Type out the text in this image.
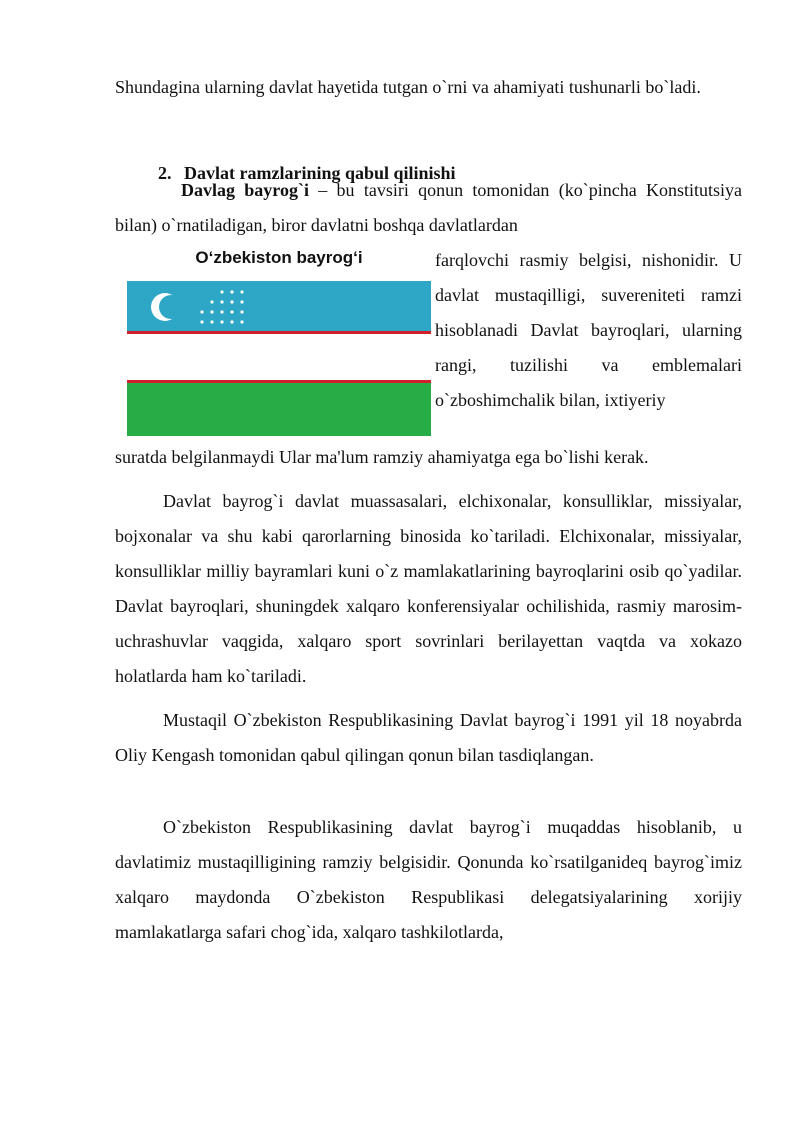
2. Davlat ramzlarining qabul qilinishi

Shundagina ularning davlat hayetida tutgan o`rni va ahamiyati tushunarli bo`ladi.

Davlag bayrog`i – bu tavsiri qonun tomonidan (ko`pincha Konstitutsiya bilan) o`rnatiladigan, biror davlatni boshqa davlatlardan

O‘zbekiston bayrog‘i	farqlovchi rasmiy belgisi, nishonidir. U davlat mustaqilligi, suvereniteti ramzi hisoblanadi Davlat bayroqlari, ularning rangi, tuzilishi va emblemalari o`zboshimchalik bilan, ixtiyeriy

suratda belgilanmaydi Ular ma'lum ramziy ahamiyatga ega bo`lishi kerak.

Davlat bayrog`i davlat muassasalari, elchixonalar, konsulliklar, missiyalar, bojxonalar va shu kabi qarorlarning binosida ko`tariladi. Elchixonalar, missiyalar, konsulliklar milliy bayramlari kuni o`z mamlakatlarining bayroqlarini osib qo`yadilar. Davlat bayroqlari, shuningdek xalqaro konferensiyalar ochilishida, rasmiy marosim-uchrashuvlar vaqgida, xalqaro sport sovrinlari berilayettan vaqtda va xokazo holatlarda ham ko`tariladi.

Mustaqil O`zbekiston Respublikasining Davlat bayrog`i 1991 yil 18 noyabrda Oliy Kengash tomonidan qabul qilingan qonun bilan tasdiqlangan.

O`zbekiston Respublikasining davlat bayrog`i muqaddas hisoblanib, u davlatimiz mustaqilligining ramziy belgisidir. Qonunda ko`rsatilganideq bayrog`imiz xalqaro maydonda O`zbekiston Respublikasi delegatsiyalarining xorijiy mamlakatlarga safari chog`ida, xalqaro tashkilotlarda,
